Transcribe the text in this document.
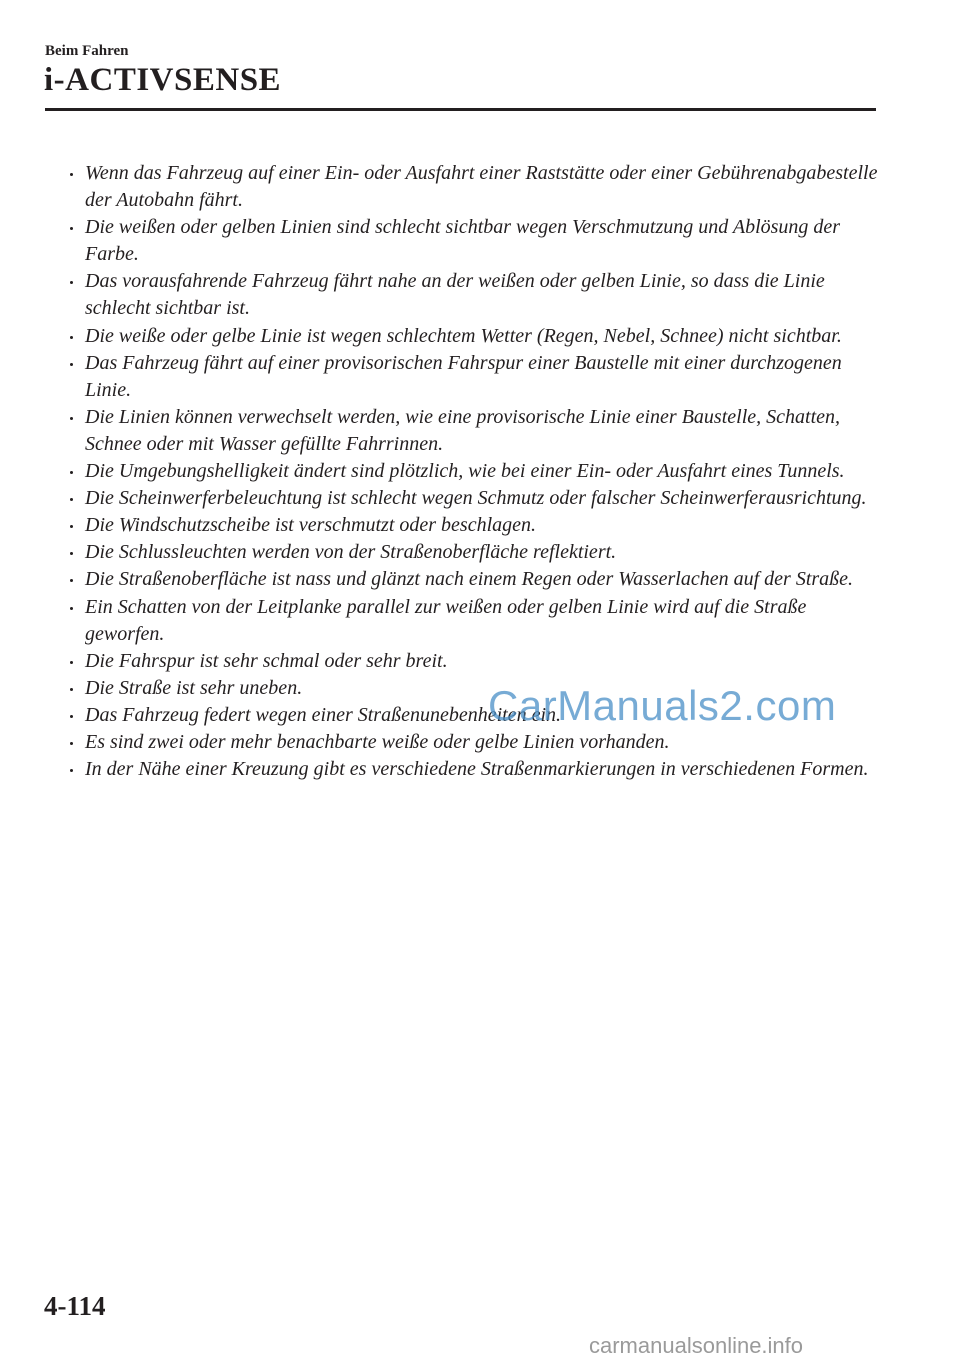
Beim Fahren
i-ACTIVSENSE
Wenn das Fahrzeug auf einer Ein- oder Ausfahrt einer Raststätte oder einer Gebührenabgabestelle der Autobahn fährt.
Die weißen oder gelben Linien sind schlecht sichtbar wegen Verschmutzung und Ablösung der Farbe.
Das vorausfahrende Fahrzeug fährt nahe an der weißen oder gelben Linie, so dass die Linie schlecht sichtbar ist.
Die weiße oder gelbe Linie ist wegen schlechtem Wetter (Regen, Nebel, Schnee) nicht sichtbar.
Das Fahrzeug fährt auf einer provisorischen Fahrspur einer Baustelle mit einer durchzogenen Linie.
Die Linien können verwechselt werden, wie eine provisorische Linie einer Baustelle, Schatten, Schnee oder mit Wasser gefüllte Fahrrinnen.
Die Umgebungshelligkeit ändert sind plötzlich, wie bei einer Ein- oder Ausfahrt eines Tunnels.
Die Scheinwerferbeleuchtung ist schlecht wegen Schmutz oder falscher Scheinwerferausrichtung.
Die Windschutzscheibe ist verschmutzt oder beschlagen.
Die Schlussleuchten werden von der Straßenoberfläche reflektiert.
Die Straßenoberfläche ist nass und glänzt nach einem Regen oder Wasserlachen auf der Straße.
Ein Schatten von der Leitplanke parallel zur weißen oder gelben Linie wird auf die Straße geworfen.
Die Fahrspur ist sehr schmal oder sehr breit.
Die Straße ist sehr uneben.
Das Fahrzeug federt wegen einer Straßenunebenheiten ein.
Es sind zwei oder mehr benachbarte weiße oder gelbe Linien vorhanden.
In der Nähe einer Kreuzung gibt es verschiedene Straßenmarkierungen in verschiedenen Formen.
CarManuals2.com
4-114
carmanualsonline.info
